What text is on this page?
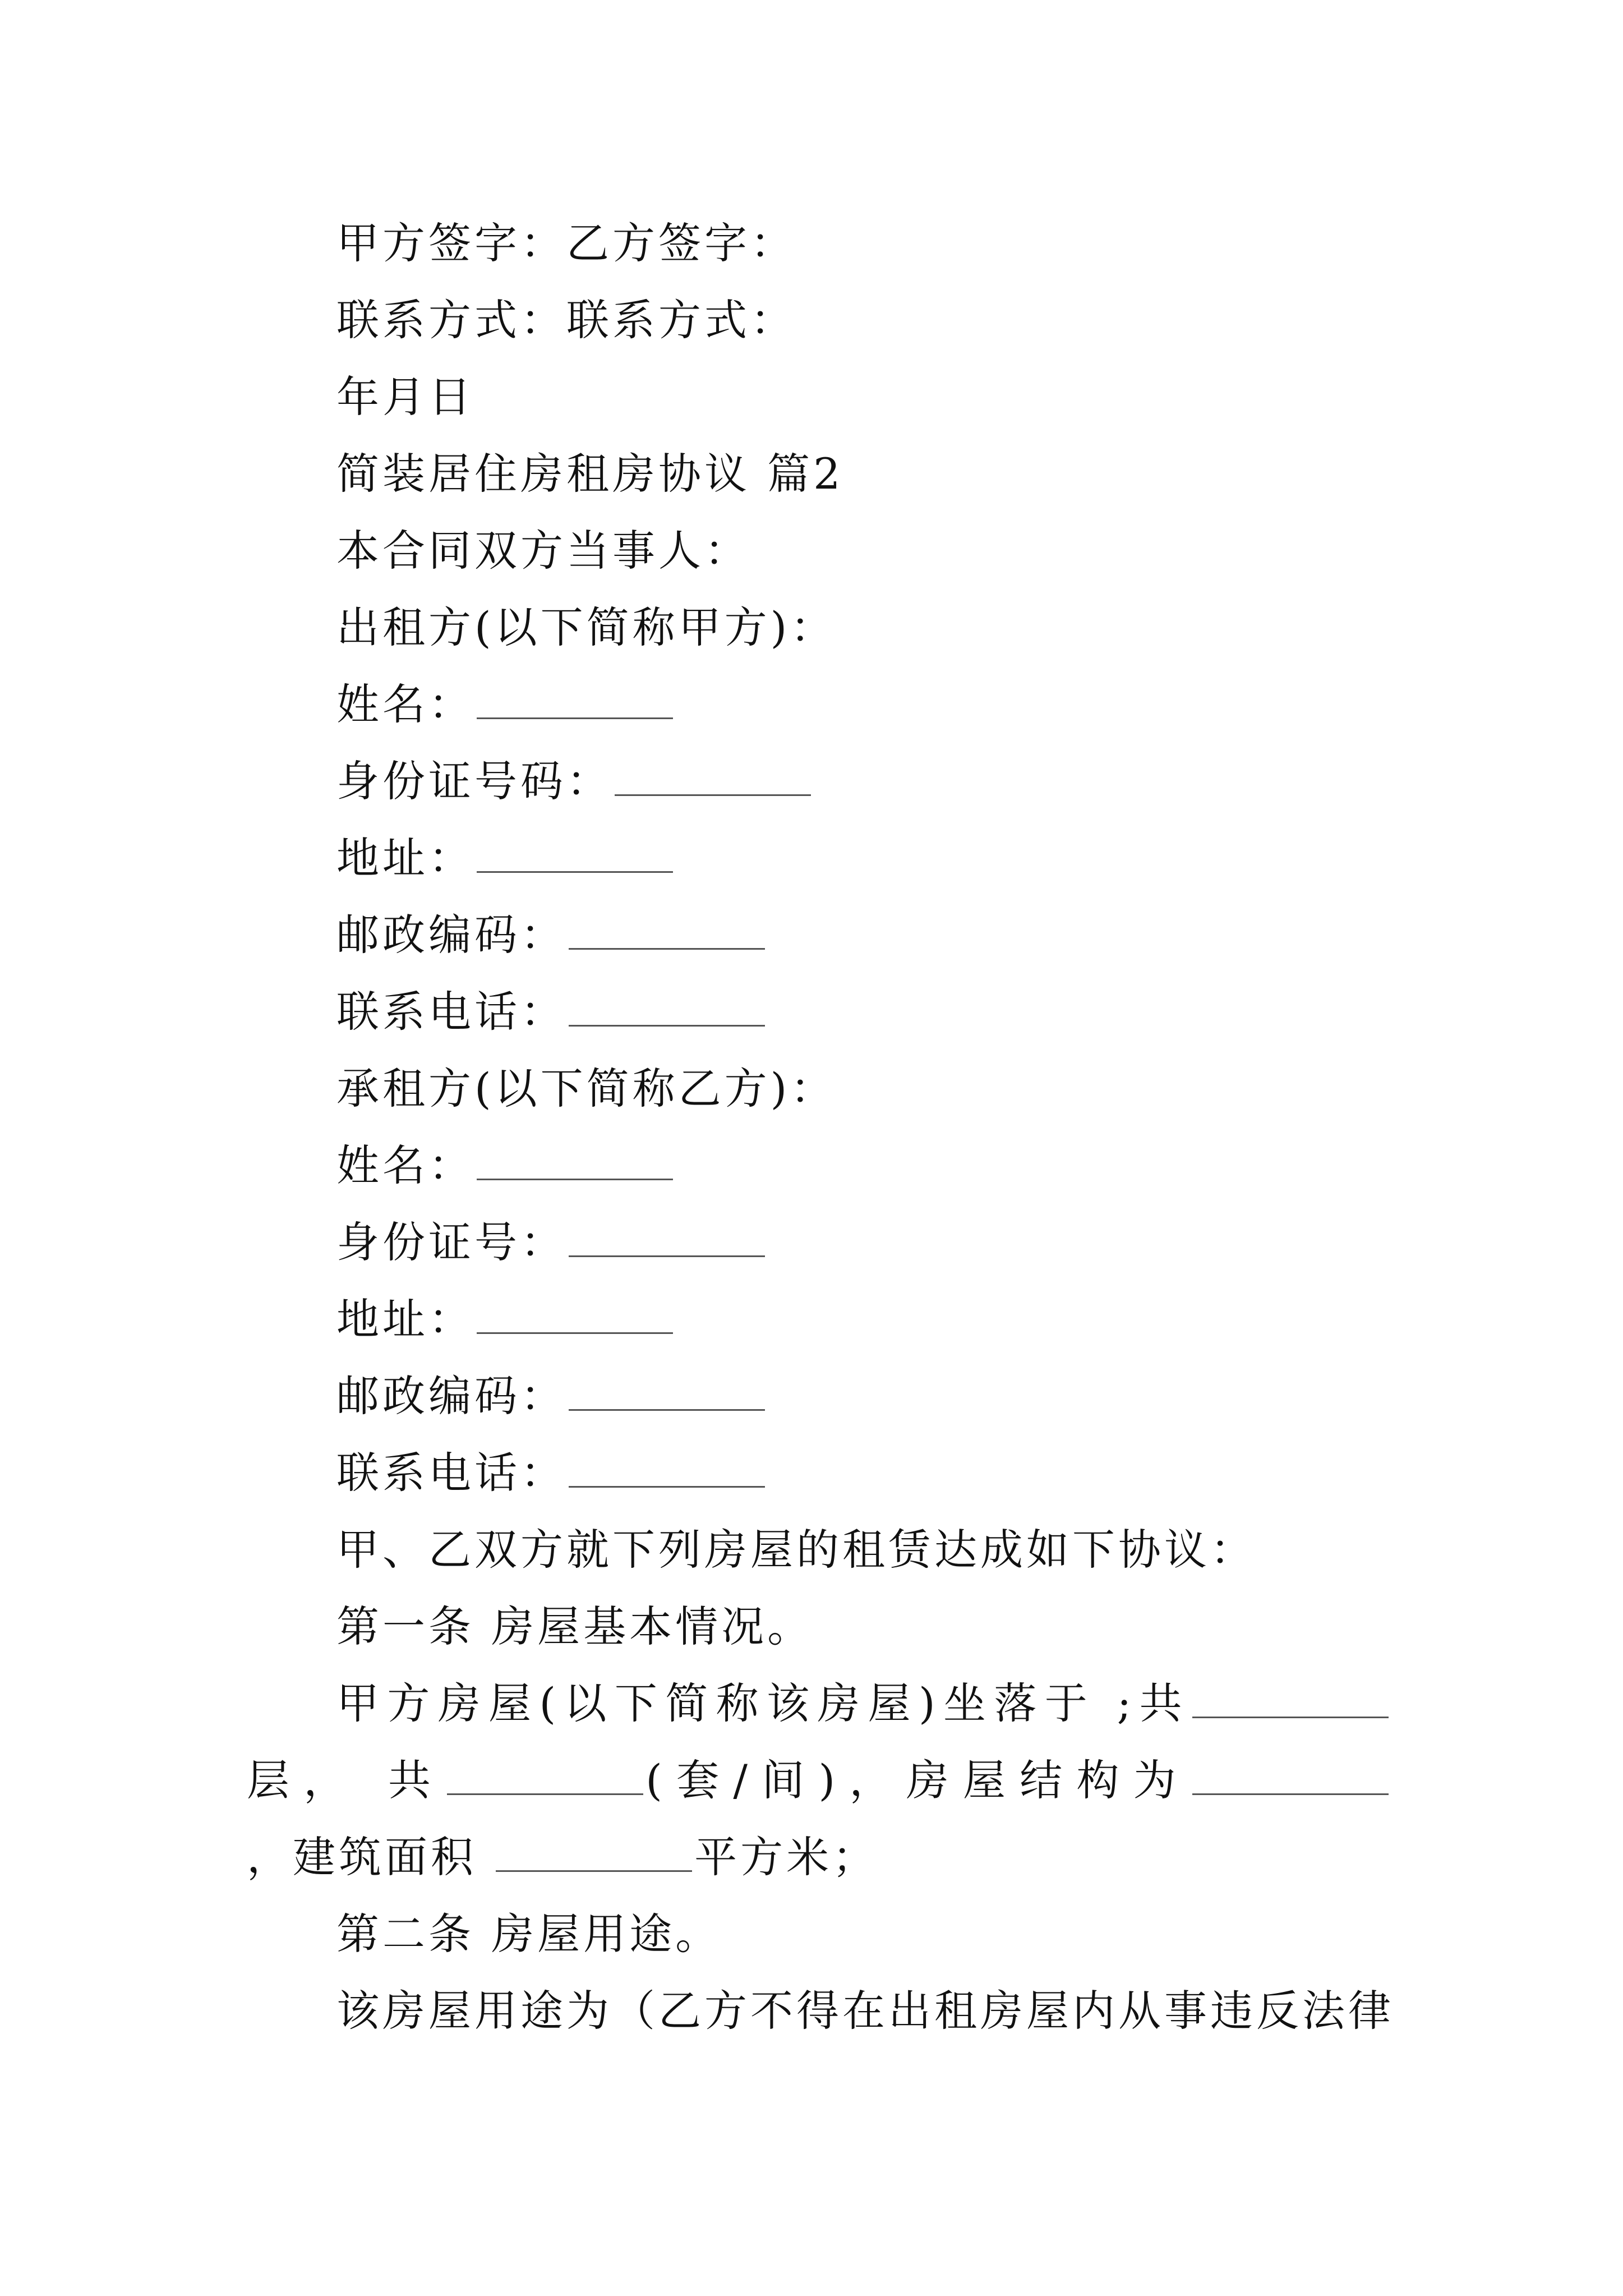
甲方签字：乙方签字：
联系方式：联系方式：
年月日
简装居住房租房协议 篇2
本合同双方当事人：
出租方(以下简称甲方)：
姓名：
身份证号码：
地址：
邮政编码：
联系电话：
承租方(以下简称乙方)：
姓名：
身份证号：
地址：
邮政编码：
联系电话：
甲、乙双方就下列房屋的租赁达成如下协议：
第一条 房屋基本情况。
甲方房屋(以下简称该房屋)坐落于 ;共层， 共	(套/间)，房屋结构为，建筑面积	平方米；
第二条 房屋用途。
该房屋用途为（乙方不得在出租房屋内从事违反法律
